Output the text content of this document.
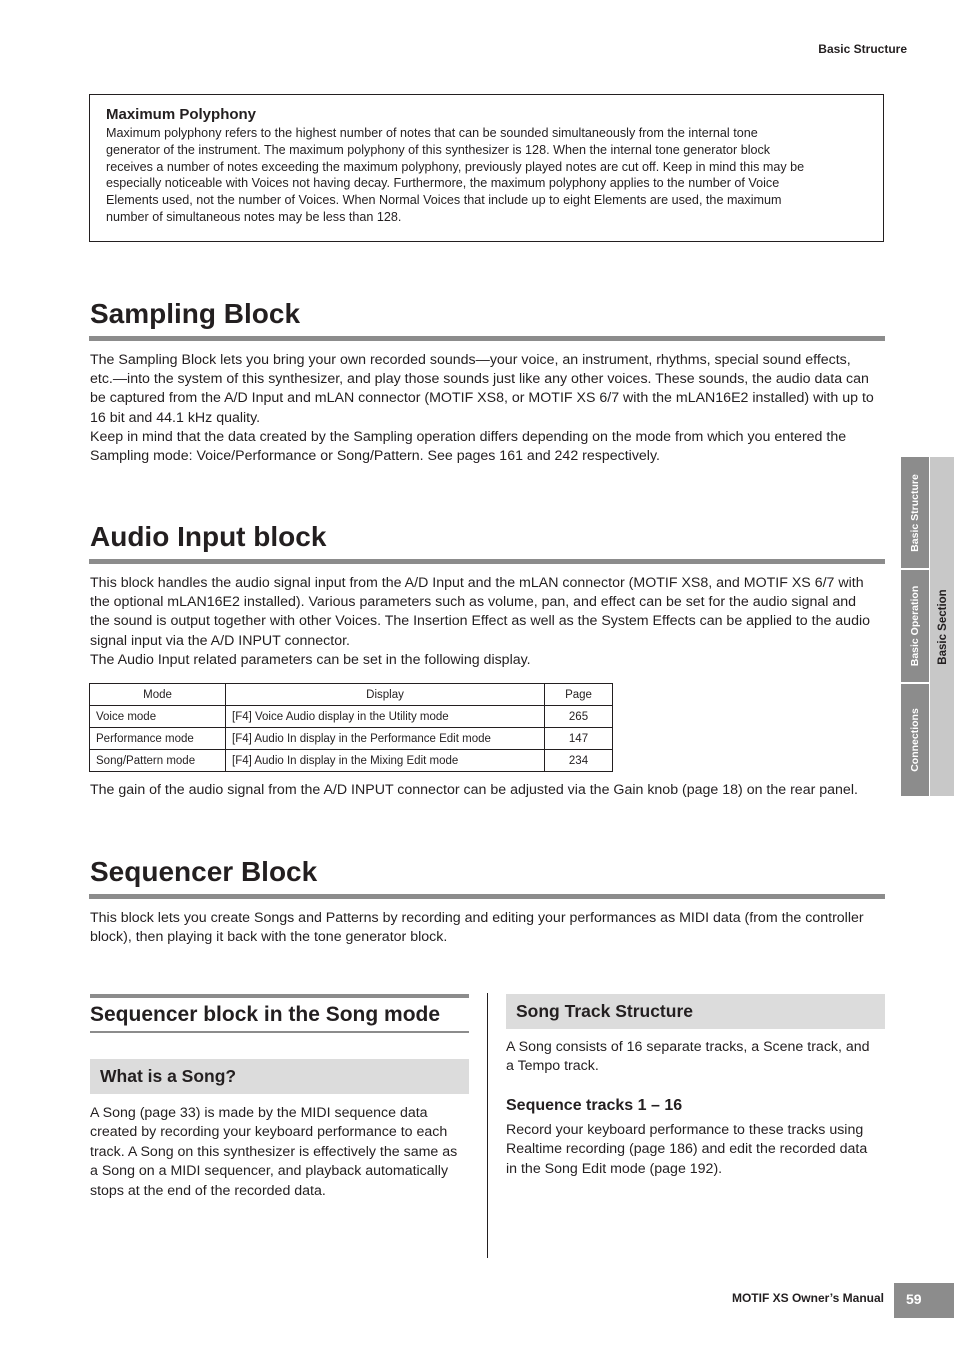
Basic Structure
Maximum Polyphony
Maximum polyphony refers to the highest number of notes that can be sounded simultaneously from the internal tone
generator of the instrument. The maximum polyphony of this synthesizer is 128. When the internal tone generator block
receives a number of notes exceeding the maximum polyphony, previously played notes are cut off. Keep in mind this may be
especially noticeable with Voices not having decay. Furthermore, the maximum polyphony applies to the number of Voice
Elements used, not the number of Voices. When Normal Voices that include up to eight Elements are used, the maximum
number of simultaneous notes may be less than 128.
Sampling Block
The Sampling Block lets you bring your own recorded sounds—your voice, an instrument, rhythms, special sound effects,
etc.—into the system of this synthesizer, and play those sounds just like any other voices. These sounds, the audio data can
be captured from the A/D Input and mLAN connector (MOTIF XS8, or MOTIF XS 6/7 with the mLAN16E2 installed) with up to
16 bit and 44.1 kHz quality.
Keep in mind that the data created by the Sampling operation differs depending on the mode from which you entered the
Sampling mode: Voice/Performance or Song/Pattern. See pages 161 and 242 respectively.
Audio Input block
This block handles the audio signal input from the A/D Input and the mLAN connector (MOTIF XS8, and MOTIF XS 6/7 with
the optional mLAN16E2 installed). Various parameters such as volume, pan, and effect can be set for the audio signal and
the sound is output together with other Voices. The Insertion Effect as well as the System Effects can be applied to the audio
signal input via the A/D INPUT connector.
The Audio Input related parameters can be set in the following display.
Mode	Display	Page
Voice mode	[F4] Voice Audio display in the Utility mode	265
Performance mode	[F4] Audio In display in the Performance Edit mode	147
Song/Pattern mode	[F4] Audio In display in the Mixing Edit mode	234
The gain of the audio signal from the A/D INPUT connector can be adjusted via the Gain knob (page 18) on the rear panel.
Sequencer Block
This block lets you create Songs and Patterns by recording and editing your performances as MIDI data (from the controller
block), then playing it back with the tone generator block.
Sequencer block in the Song mode
What is a Song?
A Song (page 33) is made by the MIDI sequence data
created by recording your keyboard performance to each
track. A Song on this synthesizer is effectively the same as
a Song on a MIDI sequencer, and playback automatically
stops at the end of the recorded data.
Song Track Structure
A Song consists of 16 separate tracks, a Scene track, and
a Tempo track.
Sequence tracks 1 – 16
Record your keyboard performance to these tracks using
Realtime recording (page 186) and edit the recorded data
in the Song Edit mode (page 192).
Basic Structure
Basic Operation
Connections
Basic Section
MOTIF XS Owner’s Manual 59
